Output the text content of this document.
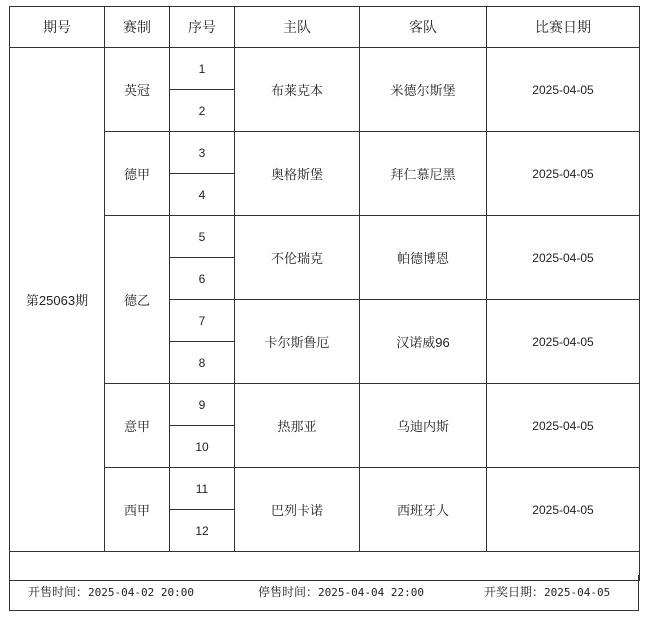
期号	赛制	序号	主队	客队	比赛日期
第25063期	英冠	1	布莱克本	米德尔斯堡	2025-04-05
		2			
	德甲	3	奥格斯堡	拜仁慕尼黑	2025-04-05
		4			
	德乙	5	不伦瑞克	帕德博恩	2025-04-05
		6			
		7	卡尔斯鲁厄	汉诺威96	2025-04-05
		8			
	意甲	9	热那亚	乌迪内斯	2025-04-05
		10			
	西甲	11	巴列卡诺	西班牙人	2025-04-05
		12			

开售时间：2025-04-02 20:00	停售时间：2025-04-04 22:00	开奖日期：2025-04-05
